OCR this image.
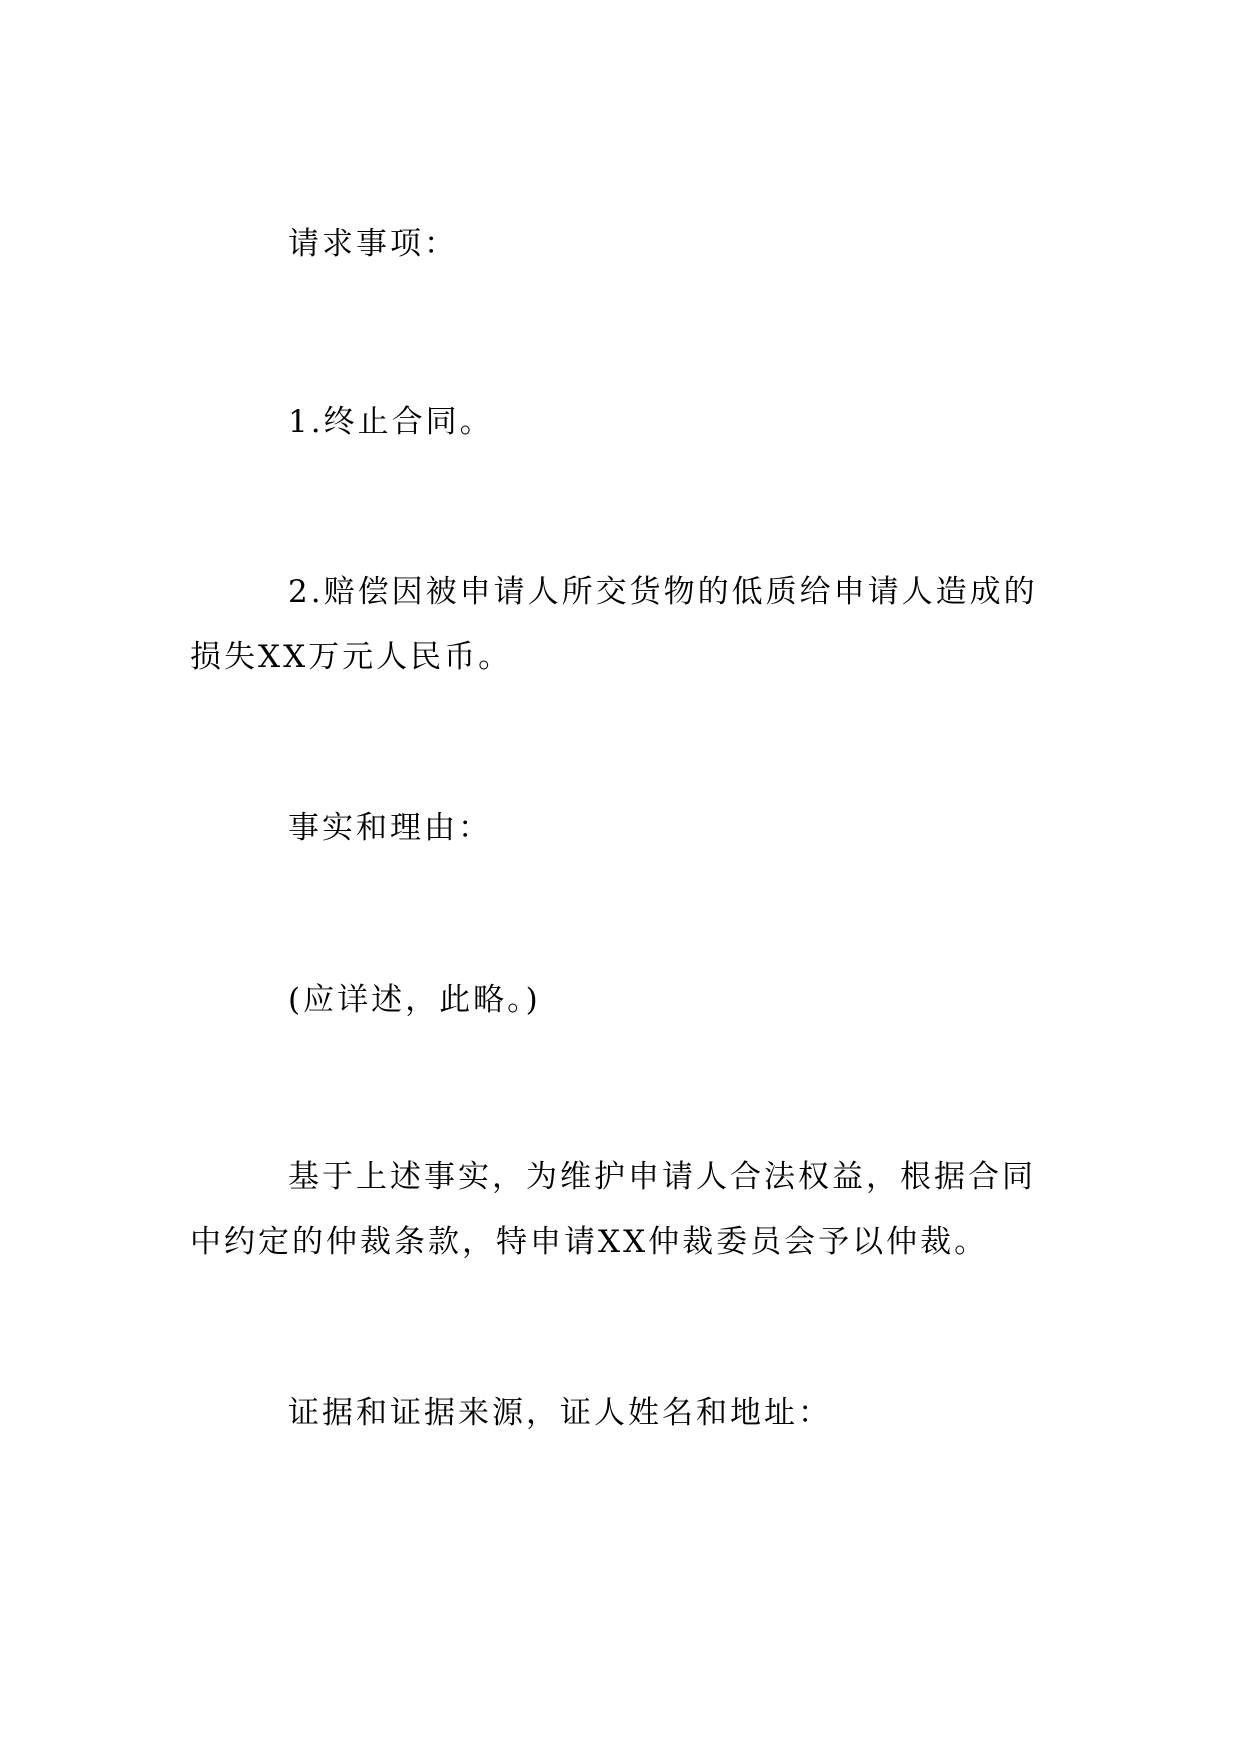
请求事项：

1.终止合同。

2.赔偿因被申请人所交货物的低质给申请人造成的损失XX万元人民币。

事实和理由：

(应详述，此略。)

基于上述事实，为维护申请人合法权益，根据合同中约定的仲裁条款，特申请XX仲裁委员会予以仲裁。

证据和证据来源，证人姓名和地址：
